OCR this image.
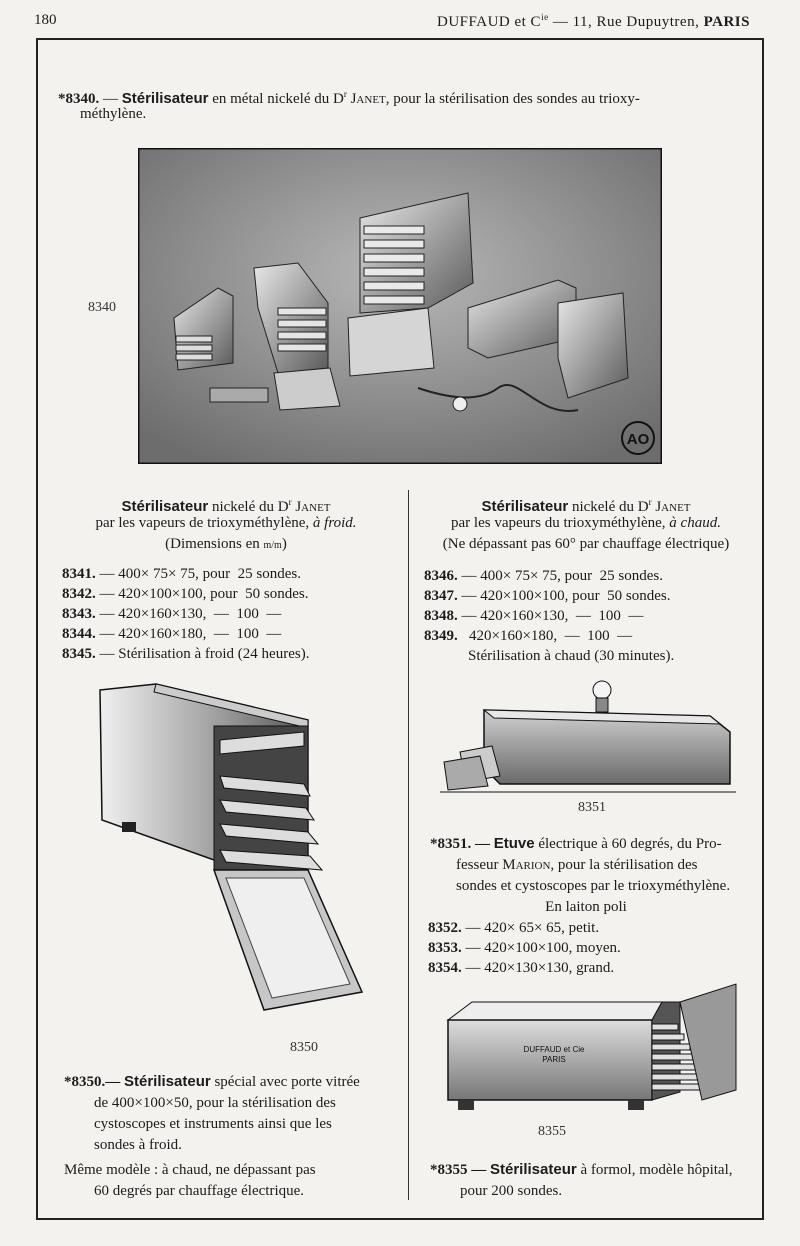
180	DUFFAUD et $C^{ie}$ — 11, Rue Dupuytren, PARIS
*8340. — Stérilisateur en métal nickelé du $D^r$ Janet, pour la stérilisation des sondes au trioxy-
méthylène.
8340
AO
Stérilisateur nickelé du $D^r$ Janet
par les vapeurs de trioxyméthylène, à froid.
(Dimensions en m/m)
8341. — 400× 75× 75, pour  25 sondes.
8342. — 420×100×100, pour  50 sondes.
8343. — 420×160×130,  —  100  —
8344. — 420×160×180,  —  100  —
8345. — Stérilisation à froid (24 heures).
8350
*8350.— Stérilisateur spécial avec porte vitrée
de 400×100×50, pour la stérilisation des
cystoscopes et instruments ainsi que les
sondes à froid.
Même modèle : à chaud, ne dépassant pas
60 degrés par chauffage électrique.
Stérilisateur nickelé du $D^r$ Janet
par les vapeurs du trioxyméthylène, à chaud.
(Ne dépassant pas 60° par chauffage électrique)
8346. — 400× 75× 75, pour  25 sondes.
8347. — 420×100×100, pour  50 sondes.
8348. — 420×160×130,  —  100  —
8349.   420×160×180,  —  100  —
Stérilisation à chaud (30 minutes).
8351
*8351. — Etuve électrique à 60 degrés, du Pro-
fesseur Marion, pour la stérilisation des
sondes et cystoscopes par le trioxyméthylène.
En laiton poli
8352. — 420× 65× 65, petit.
8353. — 420×100×100, moyen.
8354. — 420×130×130, grand.
DUFFAUD et Cie
PARIS
8355
*8355 — Stérilisateur à formol, modèle hôpital,
pour 200 sondes.
